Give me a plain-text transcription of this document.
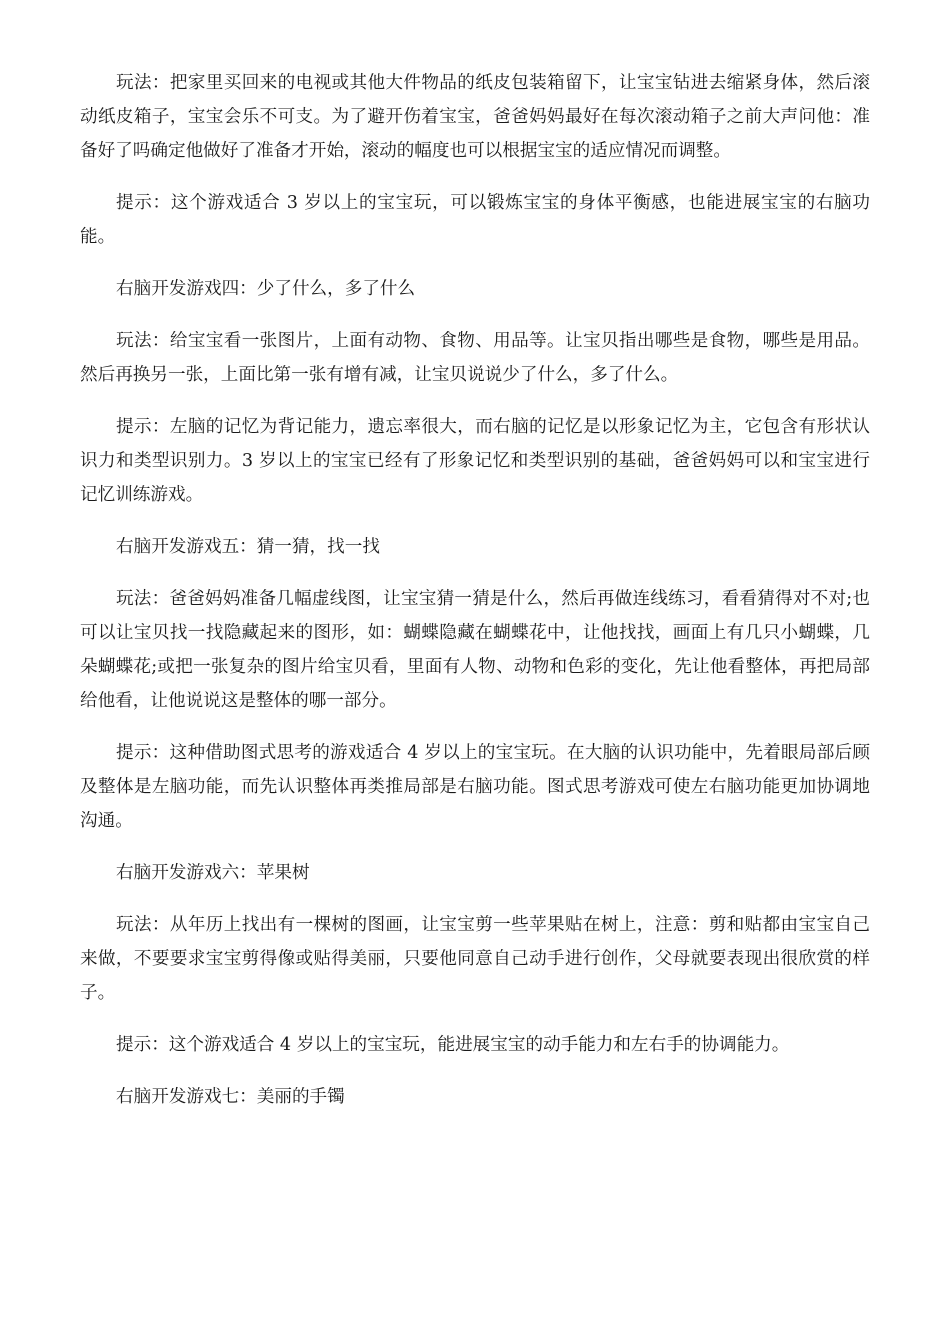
玩法：把家里买回来的电视或其他大件物品的纸皮包装箱留下，让宝宝钻进去缩紧身体，然后滚动纸皮箱子，宝宝会乐不可支。为了避开伤着宝宝，爸爸妈妈最好在每次滚动箱子之前大声问他：准备好了吗确定他做好了准备才开始，滚动的幅度也可以根据宝宝的适应情况而调整。

提示：这个游戏适合 3 岁以上的宝宝玩，可以锻炼宝宝的身体平衡感，也能进展宝宝的右脑功能。

右脑开发游戏四：少了什么，多了什么

玩法：给宝宝看一张图片，上面有动物、食物、用品等。让宝贝指出哪些是食物，哪些是用品。然后再换另一张，上面比第一张有增有减，让宝贝说说少了什么，多了什么。

提示：左脑的记忆为背记能力，遗忘率很大，而右脑的记忆是以形象记忆为主，它包含有形状认识力和类型识别力。3 岁以上的宝宝已经有了形象记忆和类型识别的基础，爸爸妈妈可以和宝宝进行记忆训练游戏。

右脑开发游戏五：猜一猜，找一找

玩法：爸爸妈妈准备几幅虚线图，让宝宝猜一猜是什么，然后再做连线练习，看看猜得对不对;也可以让宝贝找一找隐藏起来的图形，如：蝴蝶隐藏在蝴蝶花中，让他找找，画面上有几只小蝴蝶，几朵蝴蝶花;或把一张复杂的图片给宝贝看，里面有人物、动物和色彩的变化，先让他看整体，再把局部给他看，让他说说这是整体的哪一部分。

提示：这种借助图式思考的游戏适合 4 岁以上的宝宝玩。在大脑的认识功能中，先着眼局部后顾及整体是左脑功能，而先认识整体再类推局部是右脑功能。图式思考游戏可使左右脑功能更加协调地沟通。

右脑开发游戏六：苹果树

玩法：从年历上找出有一棵树的图画，让宝宝剪一些苹果贴在树上，注意：剪和贴都由宝宝自己来做，不要要求宝宝剪得像或贴得美丽，只要他同意自己动手进行创作，父母就要表现出很欣赏的样子。

提示：这个游戏适合 4 岁以上的宝宝玩，能进展宝宝的动手能力和左右手的协调能力。

右脑开发游戏七：美丽的手镯
